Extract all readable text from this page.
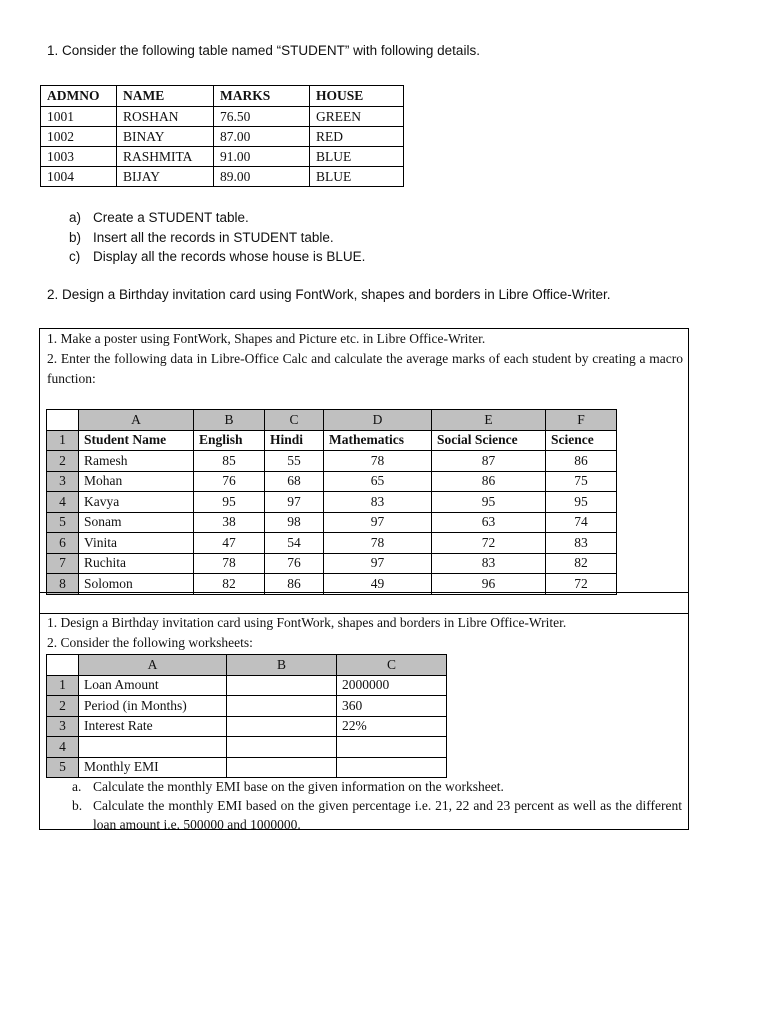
1. Consider the following table named “STUDENT” with following details.
ADMNO	NAME	MARKS	HOUSE
1001	ROSHAN	76.50	GREEN
1002	BINAY	87.00	RED
1003	RASHMITA	91.00	BLUE
1004	BIJAY	89.00	BLUE
a) Create a STUDENT table.
b) Insert all the records in STUDENT table.
c) Display all the records whose house is BLUE.
2. Design a Birthday invitation card using FontWork, shapes and borders in Libre Office-Writer.
1. Make a poster using FontWork, Shapes and Picture etc. in Libre Office-Writer.
2. Enter the following data in Libre-Office Calc and calculate the average marks of each student by creating a macro function:
	A	B	C	D	E	F
1	Student Name	English	Hindi	Mathematics	Social Science	Science
2	Ramesh	85	55	78	87	86
3	Mohan	76	68	65	86	75
4	Kavya	95	97	83	95	95
5	Sonam	38	98	97	63	74
6	Vinita	47	54	78	72	83
7	Ruchita	78	76	97	83	82
8	Solomon	82	86	49	96	72
1. Design a Birthday invitation card using FontWork, shapes and borders in Libre Office-Writer.
2. Consider the following worksheets:
	A	B	C
1	Loan Amount		2000000
2	Period (in Months)		360
3	Interest Rate		22%
4			
5	Monthly EMI		
a. Calculate the monthly EMI base on the given information on the worksheet.
b. Calculate the monthly EMI based on the given percentage i.e. 21, 22 and 23 percent as well as the different loan amount i.e. 500000 and 1000000.
